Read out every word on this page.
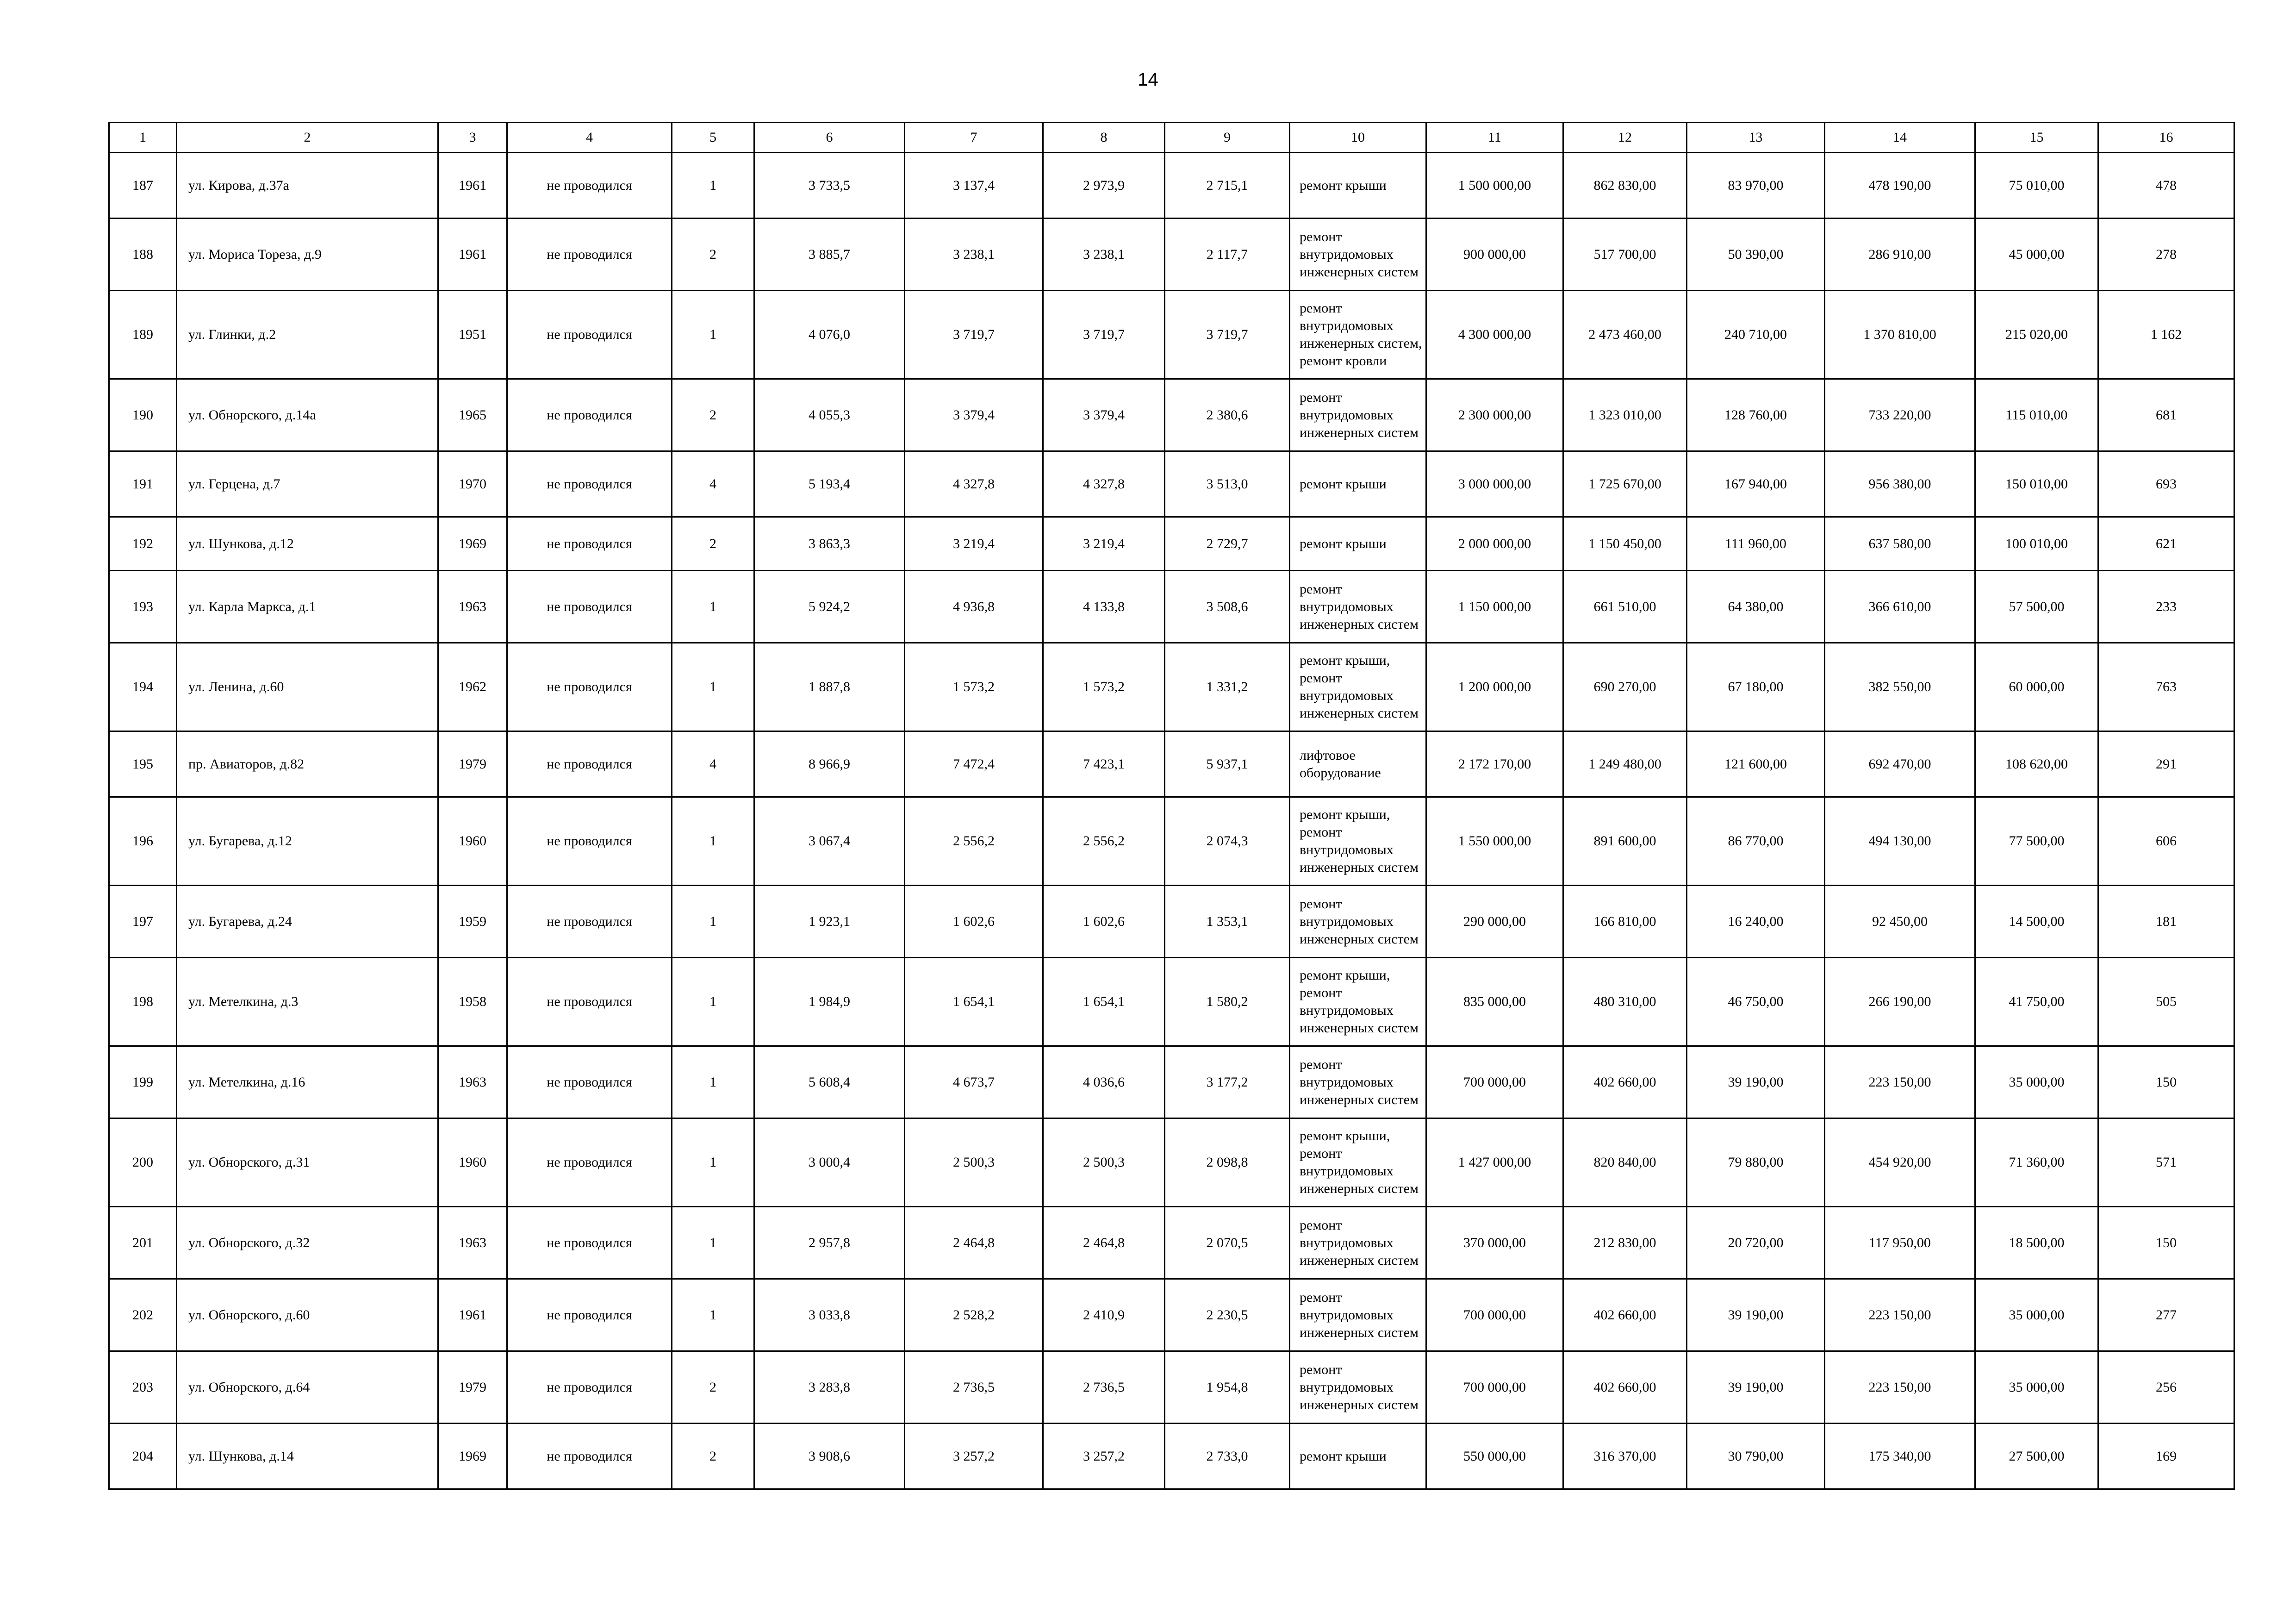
14
1	2	3	4	5	6	7	8	9	10	11	12	13	14	15	16
187	ул. Кирова, д.37а	1961	не проводился	1	3 733,5	3 137,4	2 973,9	2 715,1	ремонт крыши	1 500 000,00	862 830,00	83 970,00	478 190,00	75 010,00	478
188	ул. Мориса Тореза, д.9	1961	не проводился	2	3 885,7	3 238,1	3 238,1	2 117,7	ремонт внутридомовых инженерных систем	900 000,00	517 700,00	50 390,00	286 910,00	45 000,00	278
189	ул. Глинки, д.2	1951	не проводился	1	4 076,0	3 719,7	3 719,7	3 719,7	ремонт внутридомовых инженерных систем, ремонт кровли	4 300 000,00	2 473 460,00	240 710,00	1 370 810,00	215 020,00	1 162
190	ул. Обнорского, д.14а	1965	не проводился	2	4 055,3	3 379,4	3 379,4	2 380,6	ремонт внутридомовых инженерных систем	2 300 000,00	1 323 010,00	128 760,00	733 220,00	115 010,00	681
191	ул. Герцена, д.7	1970	не проводился	4	5 193,4	4 327,8	4 327,8	3 513,0	ремонт крыши	3 000 000,00	1 725 670,00	167 940,00	956 380,00	150 010,00	693
192	ул. Шункова, д.12	1969	не проводился	2	3 863,3	3 219,4	3 219,4	2 729,7	ремонт крыши	2 000 000,00	1 150 450,00	111 960,00	637 580,00	100 010,00	621
193	ул. Карла Маркса, д.1	1963	не проводился	1	5 924,2	4 936,8	4 133,8	3 508,6	ремонт внутридомовых инженерных систем	1 150 000,00	661 510,00	64 380,00	366 610,00	57 500,00	233
194	ул. Ленина, д.60	1962	не проводился	1	1 887,8	1 573,2	1 573,2	1 331,2	ремонт крыши, ремонт внутридомовых инженерных систем	1 200 000,00	690 270,00	67 180,00	382 550,00	60 000,00	763
195	пр. Авиаторов, д.82	1979	не проводился	4	8 966,9	7 472,4	7 423,1	5 937,1	лифтовое оборудование	2 172 170,00	1 249 480,00	121 600,00	692 470,00	108 620,00	291
196	ул. Бугарева, д.12	1960	не проводился	1	3 067,4	2 556,2	2 556,2	2 074,3	ремонт крыши, ремонт внутридомовых инженерных систем	1 550 000,00	891 600,00	86 770,00	494 130,00	77 500,00	606
197	ул. Бугарева, д.24	1959	не проводился	1	1 923,1	1 602,6	1 602,6	1 353,1	ремонт внутридомовых инженерных систем	290 000,00	166 810,00	16 240,00	92 450,00	14 500,00	181
198	ул. Метелкина, д.3	1958	не проводился	1	1 984,9	1 654,1	1 654,1	1 580,2	ремонт крыши, ремонт внутридомовых инженерных систем	835 000,00	480 310,00	46 750,00	266 190,00	41 750,00	505
199	ул. Метелкина, д.16	1963	не проводился	1	5 608,4	4 673,7	4 036,6	3 177,2	ремонт внутридомовых инженерных систем	700 000,00	402 660,00	39 190,00	223 150,00	35 000,00	150
200	ул. Обнорского, д.31	1960	не проводился	1	3 000,4	2 500,3	2 500,3	2 098,8	ремонт крыши, ремонт внутридомовых инженерных систем	1 427 000,00	820 840,00	79 880,00	454 920,00	71 360,00	571
201	ул. Обнорского, д.32	1963	не проводился	1	2 957,8	2 464,8	2 464,8	2 070,5	ремонт внутридомовых инженерных систем	370 000,00	212 830,00	20 720,00	117 950,00	18 500,00	150
202	ул. Обнорского, д.60	1961	не проводился	1	3 033,8	2 528,2	2 410,9	2 230,5	ремонт внутридомовых инженерных систем	700 000,00	402 660,00	39 190,00	223 150,00	35 000,00	277
203	ул. Обнорского, д.64	1979	не проводился	2	3 283,8	2 736,5	2 736,5	1 954,8	ремонт внутридомовых инженерных систем	700 000,00	402 660,00	39 190,00	223 150,00	35 000,00	256
204	ул. Шункова, д.14	1969	не проводился	2	3 908,6	3 257,2	3 257,2	2 733,0	ремонт крыши	550 000,00	316 370,00	30 790,00	175 340,00	27 500,00	169
